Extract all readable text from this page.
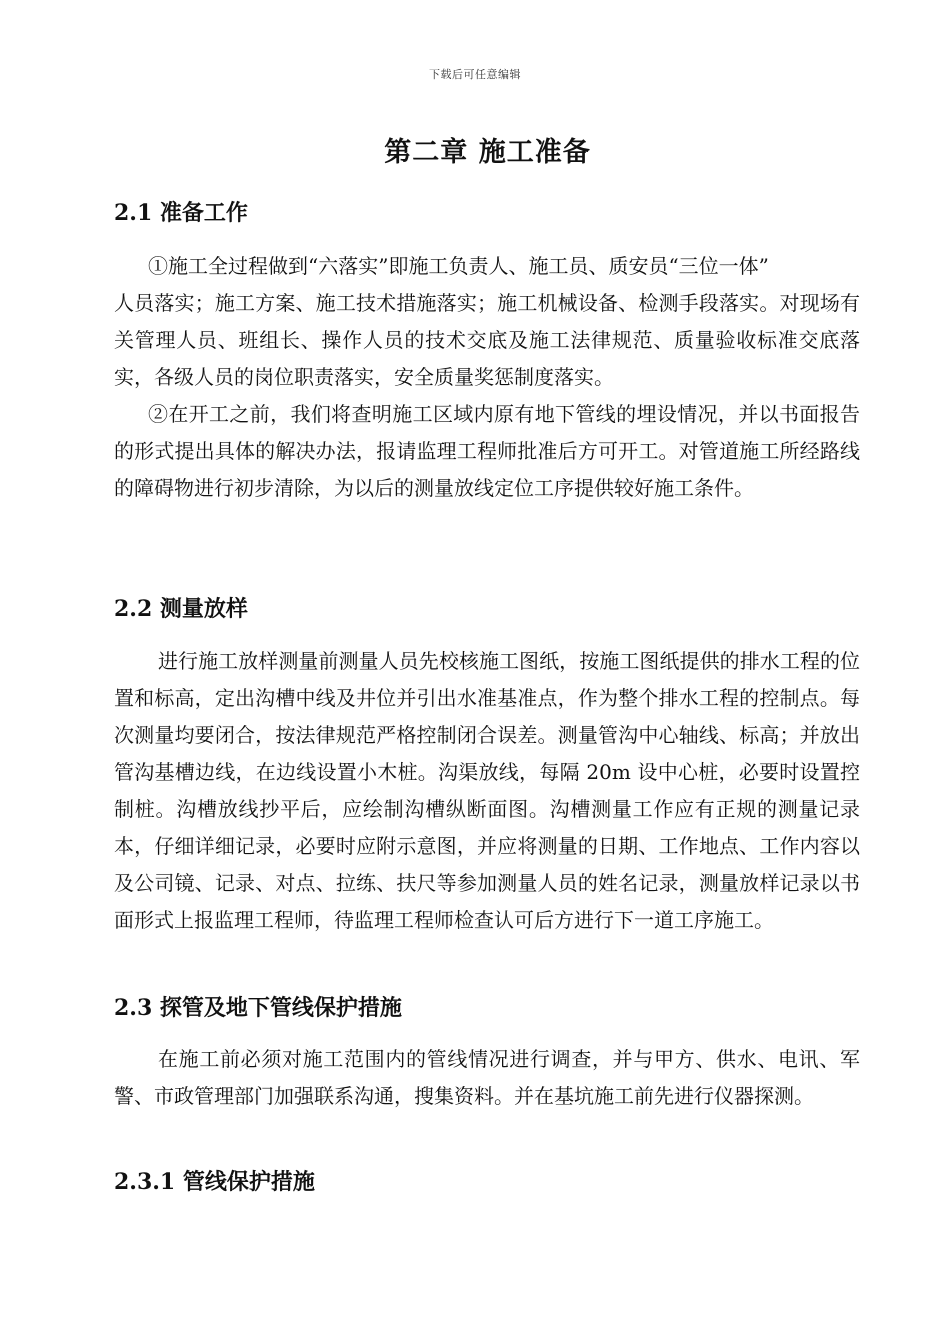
下载后可任意编辑
第二章 施工准备
2.1 准备工作

①施工全过程做到“六落实”即施工负责人、施工员、质安员“三位一体”

人员落实；施工方案、施工技术措施落实；施工机械设备、检测手段落实。对现场有关管理人员、班组长、操作人员的技术交底及施工法律规范、质量验收标准交底落实，各级人员的岗位职责落实，安全质量奖惩制度落实。

②在开工之前，我们将查明施工区域内原有地下管线的埋设情况，并以书面报告的形式提出具体的解决办法，报请监理工程师批准后方可开工。对管道施工所经路线的障碍物进行初步清除，为以后的测量放线定位工序提供较好施工条件。

2.2 测量放样

进行施工放样测量前测量人员先校核施工图纸，按施工图纸提供的排水工程的位置和标高，定出沟槽中线及井位并引出水准基准点，作为整个排水工程的控制点。每次测量均要闭合，按法律规范严格控制闭合误差。测量管沟中心轴线、标高；并放出管沟基槽边线，在边线设置小木桩。沟渠放线，每隔 20m 设中心桩，必要时设置控制桩。沟槽放线抄平后，应绘制沟槽纵断面图。沟槽测量工作应有正规的测量记录本，仔细详细记录，必要时应附示意图，并应将测量的日期、工作地点、工作内容以及公司镜、记录、对点、拉练、扶尺等参加测量人员的姓名记录，测量放样记录以书面形式上报监理工程师，待监理工程师检查认可后方进行下一道工序施工。

2.3 探管及地下管线保护措施

在施工前必须对施工范围内的管线情况进行调查，并与甲方、供水、电讯、军警、市政管理部门加强联系沟通，搜集资料。并在基坑施工前先进行仪器探测。

2.3.1 管线保护措施
